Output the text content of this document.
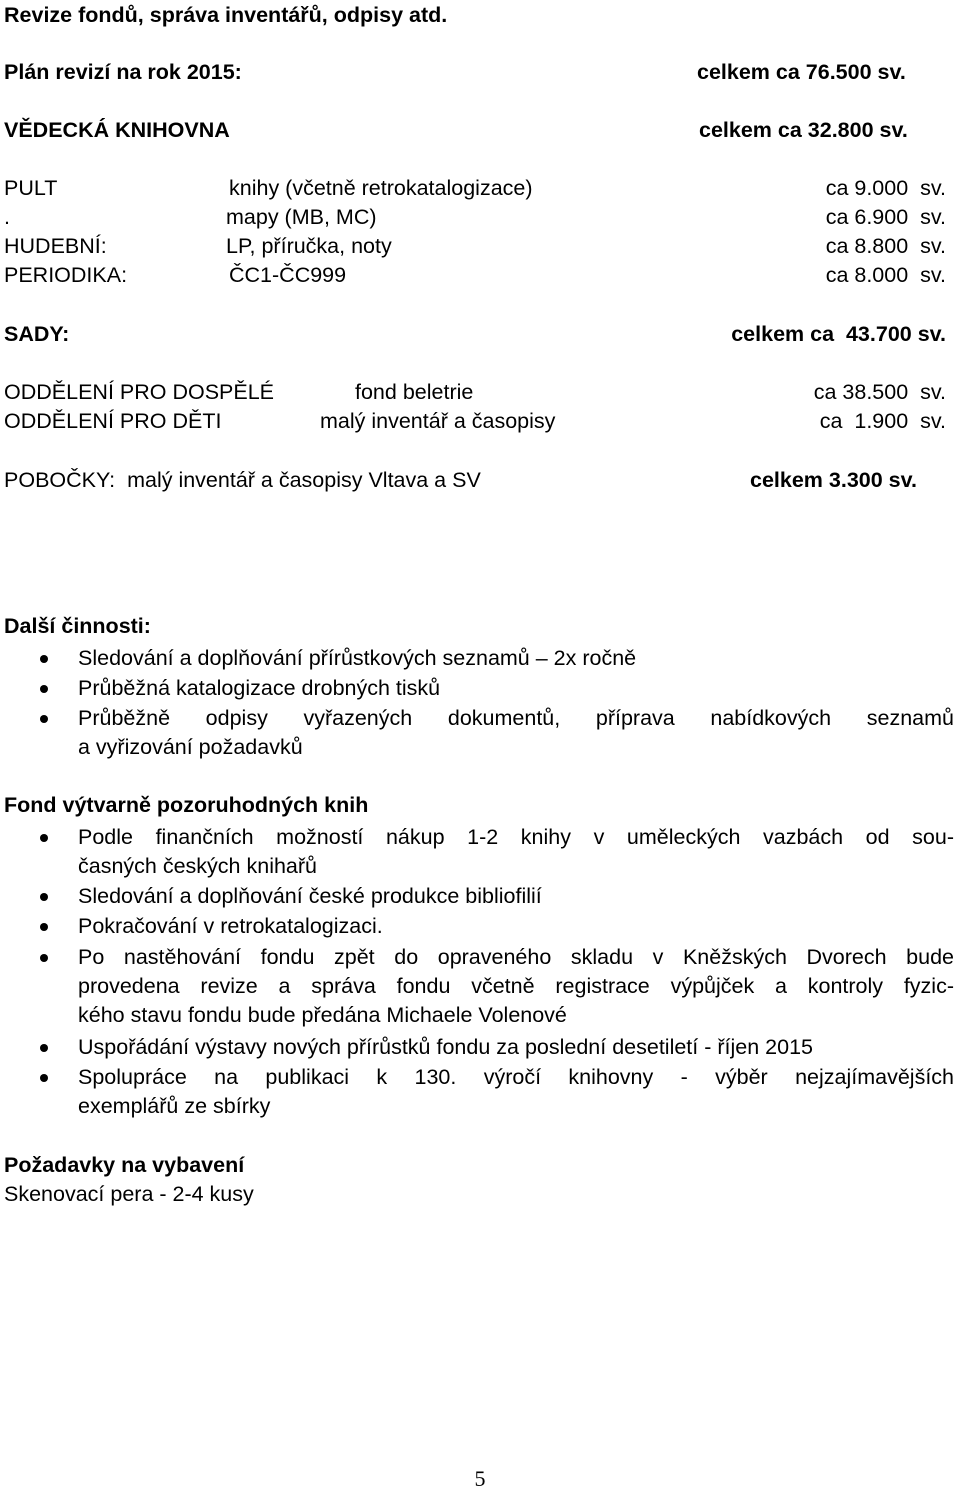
Revize fondů, správa inventářů, odpisy atd.
Plán revizí na rok 2015:	celkem ca 76.500 sv.
VĚDECKÁ KNIHOVNA	celkem ca 32.800 sv.
PULT	knihy (včetně retrokatalogizace)	ca 9.000  sv.
.	mapy (MB, MC)	ca 6.900  sv.
HUDEBNÍ:	LP, příručka, noty	ca 8.800  sv.
PERIODIKA:	ČC1-ČC999	ca 8.000  sv.
SADY:	celkem ca  43.700 sv.
ODDĚLENÍ PRO DOSPĚLÉ	fond beletrie	ca 38.500  sv.
ODDĚLENÍ PRO DĚTI	malý inventář a časopisy	ca  1.900  sv.
POBOČKY:  malý inventář a časopisy Vltava a SV	celkem 3.300 sv.
Další činnosti:
Sledování a doplňování přírůstkových seznamů – 2x ročně
Průběžná katalogizace drobných tisků
Průběžně odpisy vyřazených dokumentů, příprava nabídkových seznamů
a vyřizování požadavků
Fond výtvarně pozoruhodných knih
Podle finančních možností nákup 1-2 knihy v uměleckých vazbách od sou-
časných českých knihařů
Sledování a doplňování české produkce bibliofilií
Pokračování v retrokatalogizaci.
Po nastěhování fondu zpět do opraveného skladu v Kněžských Dvorech bude
provedena revize a správa fondu včetně registrace výpůjček a kontroly fyzic-
kého stavu fondu bude předána Michaele Volenové
Uspořádání výstavy nových přírůstků fondu za poslední desetiletí - říjen 2015
Spolupráce na publikaci k 130. výročí knihovny - výběr nejzajímavějších
exemplářů ze sbírky
Požadavky na vybavení
Skenovací pera - 2-4 kusy
5
